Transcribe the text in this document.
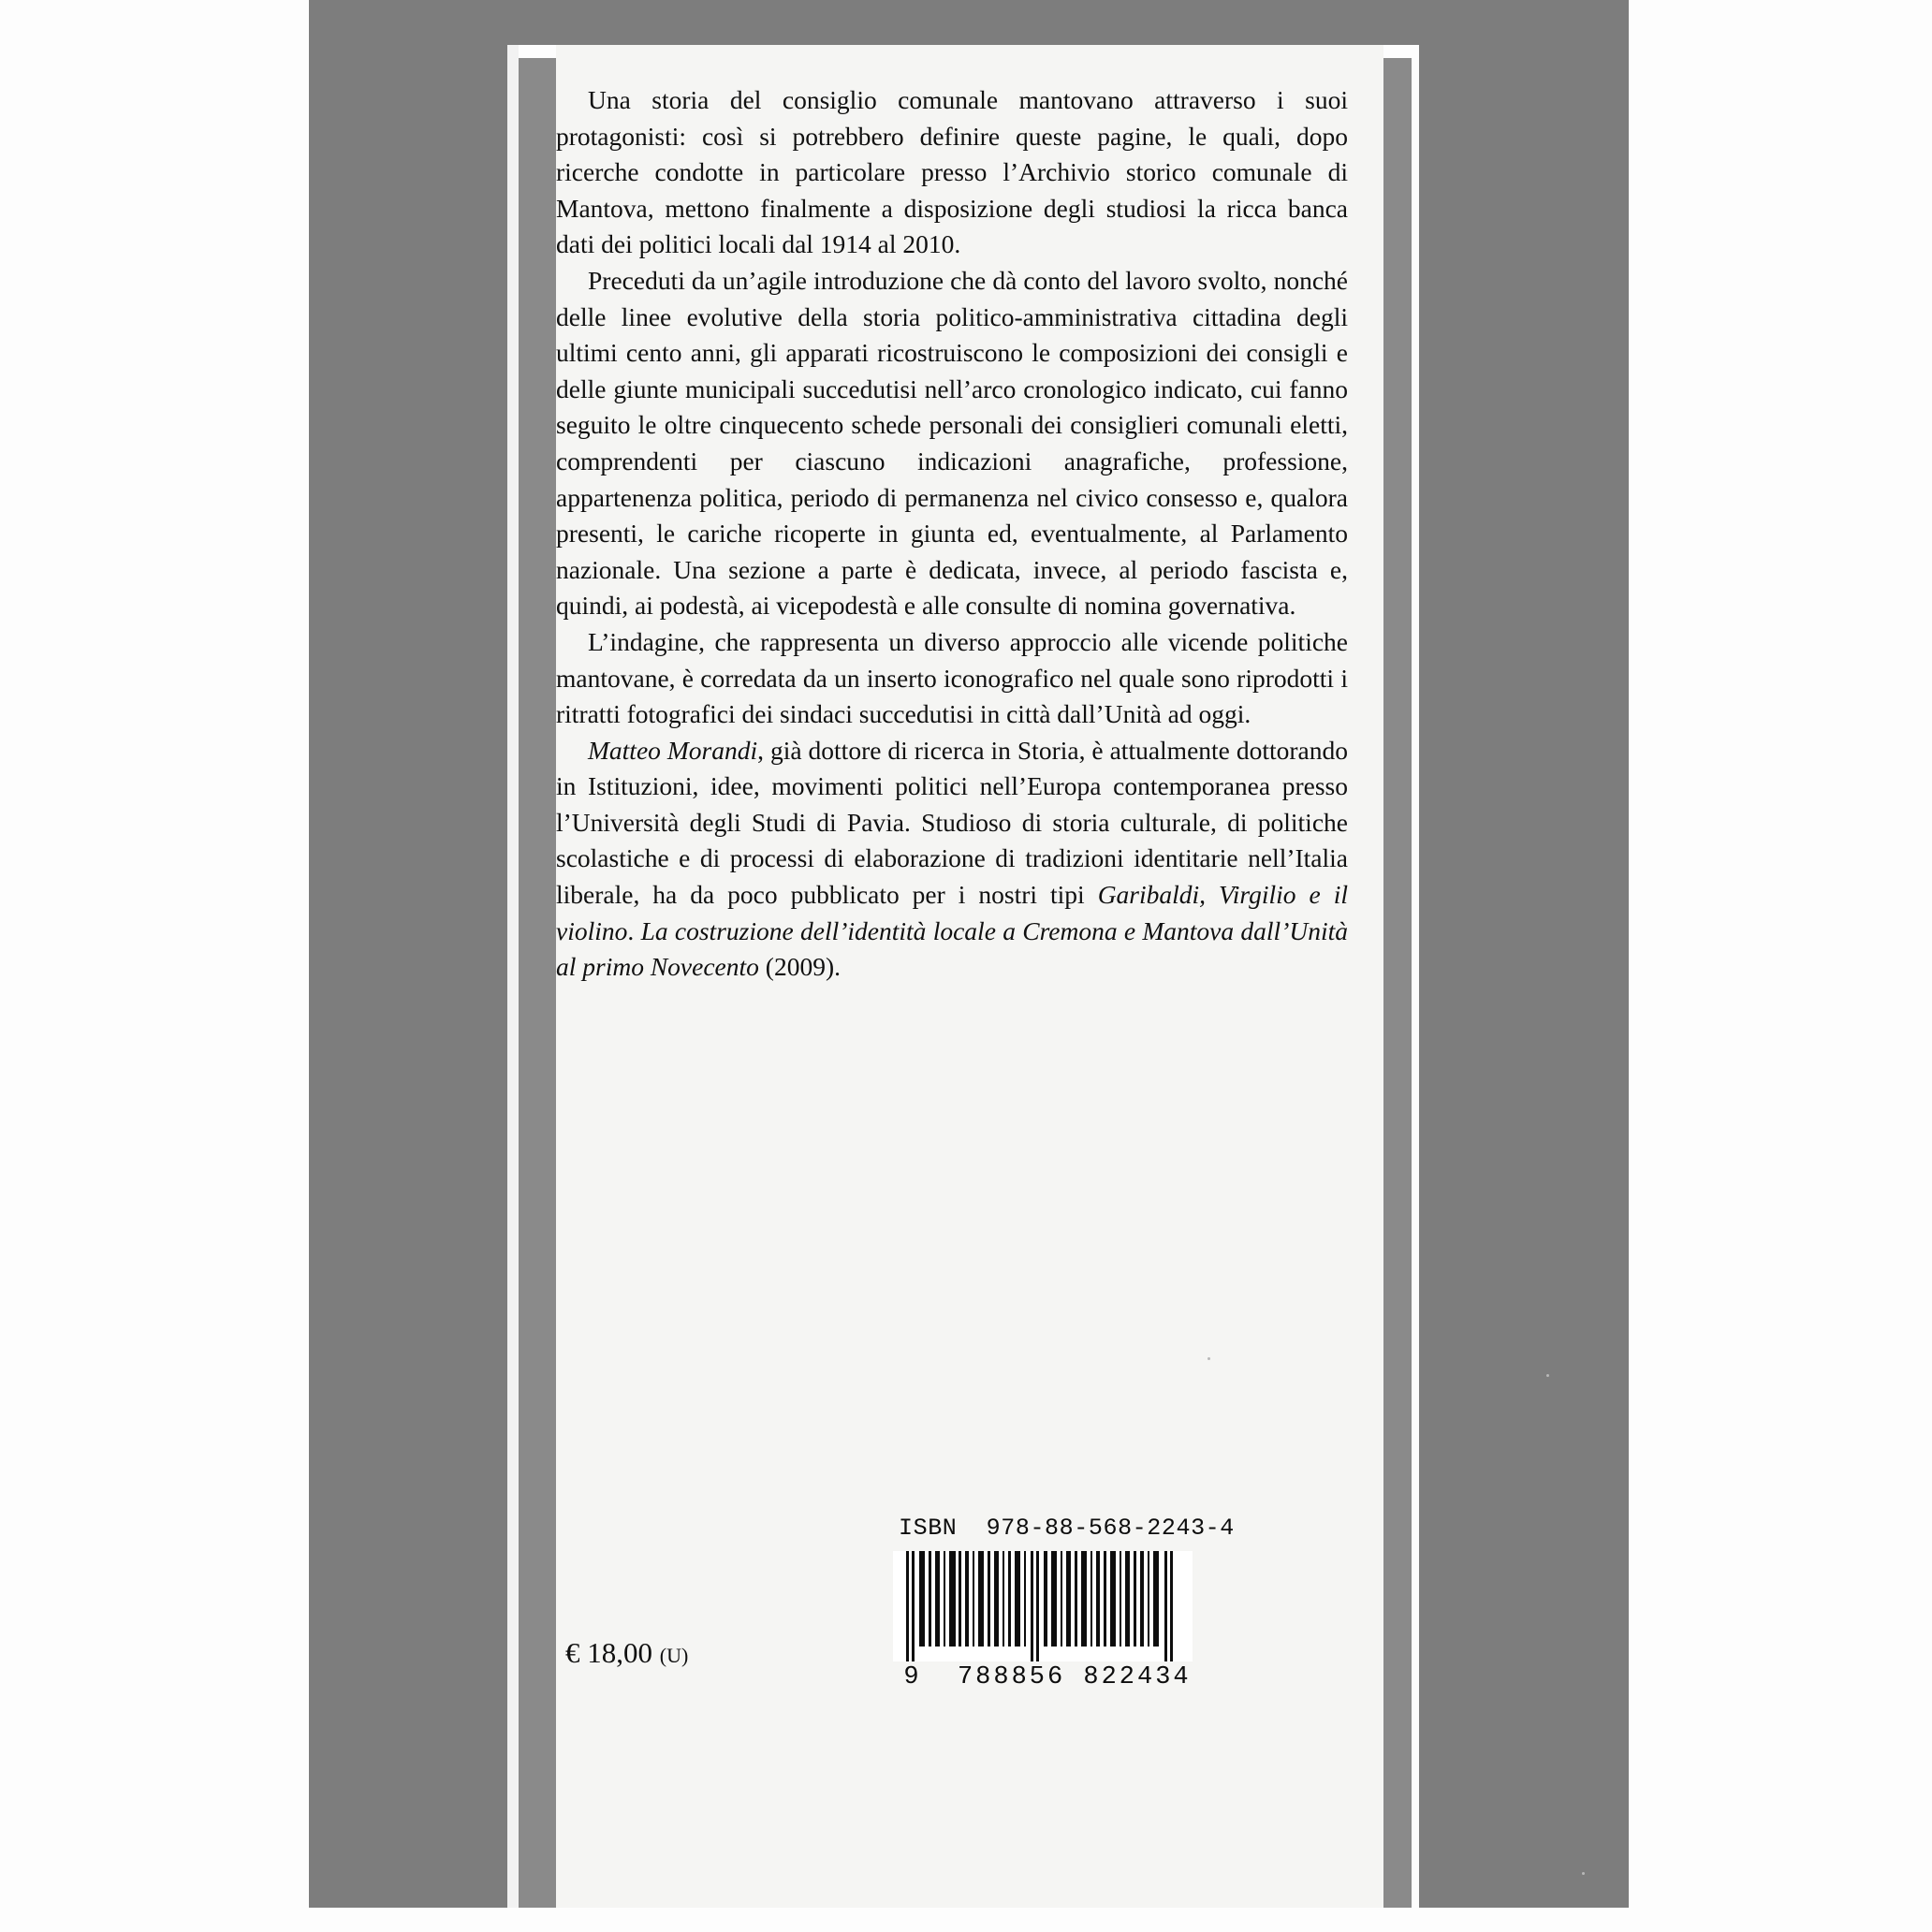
Una storia del consiglio comunale mantovano attraverso i suoi protagonisti: così si potrebbero definire queste pagine, le quali, dopo ricerche condotte in particolare presso l’Archivio storico comunale di Mantova, mettono finalmente a disposizione degli studiosi la ricca banca dati dei politici locali dal 1914 al 2010.

Preceduti da un’agile introduzione che dà conto del lavoro svolto, nonché delle linee evolutive della storia politico-amministrativa cittadina degli ultimi cento anni, gli apparati ricostruiscono le composizioni dei consigli e delle giunte municipali succedutisi nell’arco cronologico indicato, cui fanno seguito le oltre cinquecento schede personali dei consiglieri comunali eletti, comprendenti per ciascuno indicazioni anagrafiche, professione, appartenenza politica, periodo di permanenza nel civico consesso e, qualora presenti, le cariche ricoperte in giunta ed, eventualmente, al Parlamento nazionale. Una sezione a parte è dedicata, invece, al periodo fascista e, quindi, ai podestà, ai vicepodestà e alle consulte di nomina governativa.

L’indagine, che rappresenta un diverso approccio alle vicende politiche mantovane, è corredata da un inserto iconografico nel quale sono riprodotti i ritratti fotografici dei sindaci succedutisi in città dall’Unità ad oggi.

Matteo Morandi, già dottore di ricerca in Storia, è attualmente dottorando in Istituzioni, idee, movimenti politici nell’Europa contemporanea presso l’Università degli Studi di Pavia. Studioso di storia culturale, di politiche scolastiche e di processi di elaborazione di tradizioni identitarie nell’Italia liberale, ha da poco pubblicato per i nostri tipi Garibaldi, Virgilio e il violino. La costruzione dell’identità locale a Cremona e Mantova dall’Unità al primo Novecento (2009).

ISBN 978-88-568-2243-4
9 788856 822434
€ 18,00 (U)
